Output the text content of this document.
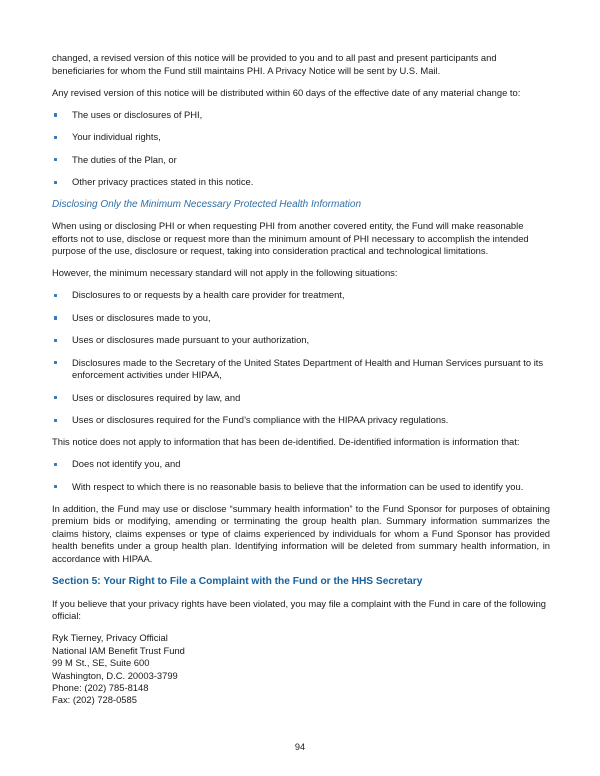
changed, a revised version of this notice will be provided to you and to all past and present participants and beneficiaries for whom the Fund still maintains PHI. A Privacy Notice will be sent by U.S. Mail.

Any revised version of this notice will be distributed within 60 days of the effective date of any material change to:

The uses or disclosures of PHI,
Your individual rights,
The duties of the Plan, or
Other privacy practices stated in this notice.
Disclosing Only the Minimum Necessary Protected Health Information

When using or disclosing PHI or when requesting PHI from another covered entity, the Fund will make reasonable efforts not to use, disclose or request more than the minimum amount of PHI necessary to accomplish the intended purpose of the use, disclosure or request, taking into consideration practical and technological limitations.

However, the minimum necessary standard will not apply in the following situations:

Disclosures to or requests by a health care provider for treatment,
Uses or disclosures made to you,
Uses or disclosures made pursuant to your authorization,
Disclosures made to the Secretary of the United States Department of Health and Human Services pursuant to its enforcement activities under HIPAA,
Uses or disclosures required by law, and
Uses or disclosures required for the Fund’s compliance with the HIPAA privacy regulations.

This notice does not apply to information that has been de-identified. De-identified information is information that:

Does not identify you, and
With respect to which there is no reasonable basis to believe that the information can be used to identify you.

In addition, the Fund may use or disclose “summary health information” to the Fund Sponsor for purposes of obtaining premium bids or modifying, amending or terminating the group health plan. Summary information summarizes the claims history, claims expenses or type of claims experienced by individuals for whom a Fund Sponsor has provided health benefits under a group health plan. Identifying information will be deleted from summary health information, in accordance with HIPAA.

Section 5: Your Right to File a Complaint with the Fund or the HHS Secretary

If you believe that your privacy rights have been violated, you may file a complaint with the Fund in care of the following official:

Ryk Tierney, Privacy Official
National IAM Benefit Trust Fund
99 M St., SE, Suite 600
Washington, D.C. 20003-3799
Phone: (202) 785-8148
Fax: (202) 728-0585
94
